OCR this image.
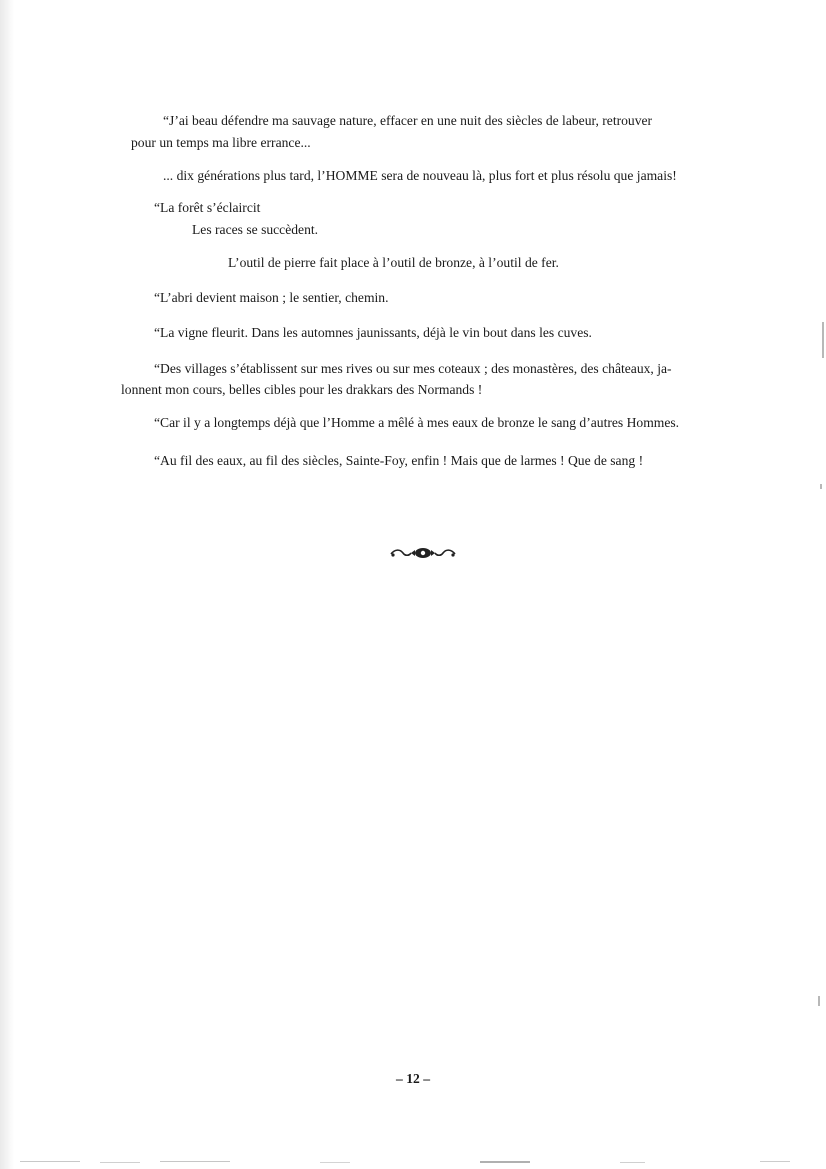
“J’ai beau défendre ma sauvage nature, effacer en une nuit des siècles de labeur, retrouver

pour un temps ma libre errance...

... dix générations plus tard, l’HOMME sera de nouveau là, plus fort et plus résolu que jamais!

“La forêt s’éclaircit

Les races se succèdent.

L’outil de pierre fait place à l’outil de bronze, à l’outil de fer.

“L’abri devient maison ; le sentier, chemin.

“La vigne fleurit. Dans les automnes jaunissants, déjà le vin bout dans les cuves.

“Des villages s’établissent sur mes rives ou sur mes coteaux ; des monastères, des châteaux, ja-

lonnent mon cours, belles cibles pour les drakkars des Normands !

“Car il y a longtemps déjà que l’Homme a mêlé à mes eaux de bronze le sang d’autres Hommes.

“Au fil des eaux, au fil des siècles, Sainte-Foy, enfin ! Mais que de larmes ! Que de sang !

– 12 –
